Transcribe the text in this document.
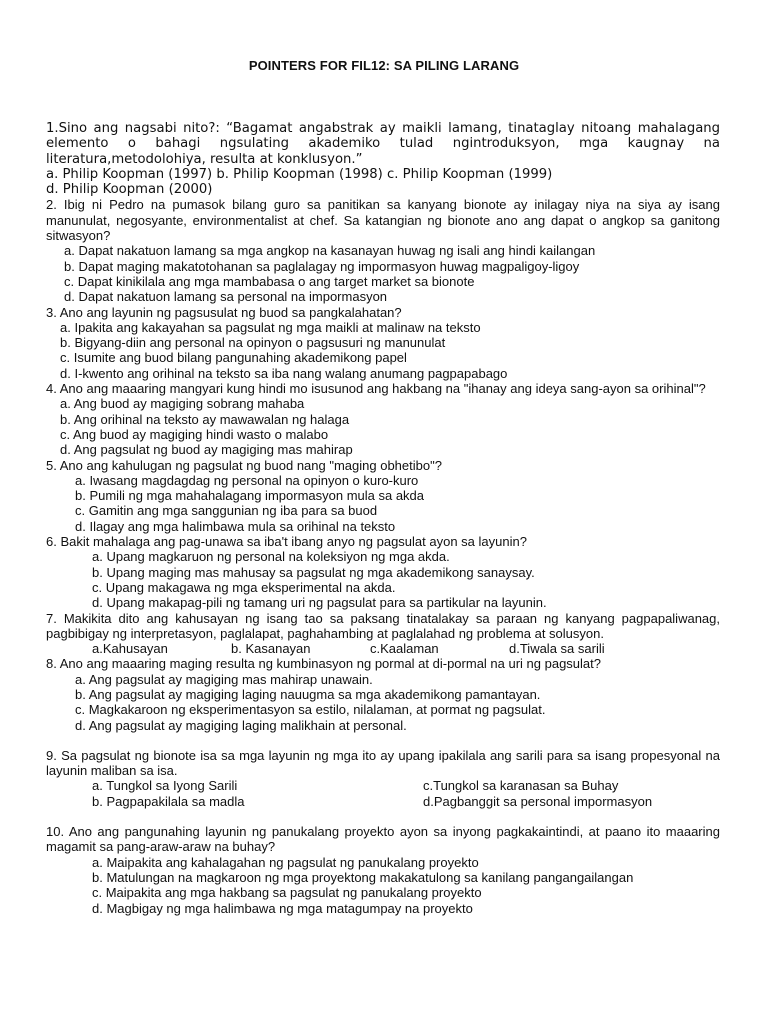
POINTERS FOR FIL12: SA PILING LARANG

1.Sino ang nagsabi nito?: “Bagamat angabstrak ay maikli lamang, tinataglay nitoang mahalagang elemento o bahagi ngsulating akademiko tulad ngintroduksyon, mga kaugnay na literatura,metodolohiya, resulta at konklusyon.”

a. Philip Koopman (1997) b. Philip Koopman (1998) c. Philip Koopman (1999)

d. Philip Koopman (2000)

2. Ibig ni Pedro na pumasok bilang guro sa panitikan sa kanyang bionote ay inilagay niya na siya ay isang manunulat, negosyante, environmentalist at chef. Sa katangian ng bionote ano ang dapat o angkop sa ganitong sitwasyon?

a. Dapat nakatuon lamang sa mga angkop na kasanayan huwag ng isali ang hindi kailangan

b. Dapat maging makatotohanan sa paglalagay ng impormasyon huwag magpaligoy-ligoy

c. Dapat kinikilala ang mga mambabasa o ang target market sa bionote

d. Dapat nakatuon lamang sa personal na impormasyon

3. Ano ang layunin ng pagsusulat ng buod sa pangkalahatan?

a. Ipakita ang kakayahan sa pagsulat ng mga maikli at malinaw na teksto

b. Bigyang-diin ang personal na opinyon o pagsusuri ng manunulat

c. Isumite ang buod bilang pangunahing akademikong papel

d. I-kwento ang orihinal na teksto sa iba nang walang anumang pagpapabago

4. Ano ang maaaring mangyari kung hindi mo isusunod ang hakbang na "ihanay ang ideya sang-ayon sa orihinal"?

a. Ang buod ay magiging sobrang mahaba

b. Ang orihinal na teksto ay mawawalan ng halaga

c. Ang buod ay magiging hindi wasto o malabo

d. Ang pagsulat ng buod ay magiging mas mahirap

5. Ano ang kahulugan ng pagsulat ng buod nang "maging obhetibo"?

a. Iwasang magdagdag ng personal na opinyon o kuro-kuro

b. Pumili ng mga mahahalagang impormasyon mula sa akda

c. Gamitin ang mga sanggunian ng iba para sa buod

d. Ilagay ang mga halimbawa mula sa orihinal na teksto

6. Bakit mahalaga ang pag-unawa sa iba't ibang anyo ng pagsulat ayon sa layunin?

a. Upang magkaruon ng personal na koleksiyon ng mga akda.

b. Upang maging mas mahusay sa pagsulat ng mga akademikong sanaysay.

c. Upang makagawa ng mga eksperimental na akda.

d. Upang makapag-pili ng tamang uri ng pagsulat para sa partikular na layunin.

7. Makikita dito ang kahusayan ng isang tao sa paksang tinatalakay sa paraan ng kanyang pagpapaliwanag, pagbibigay ng interpretasyon, paglalapat, paghahambing at paglalahad ng problema at solusyon.

a.Kahusayan	b. Kasanayan	c.Kaalaman	d.Tiwala sa sarili

8. Ano ang maaaring maging resulta ng kumbinasyon ng pormal at di-pormal na uri ng pagsulat?

a. Ang pagsulat ay magiging mas mahirap unawain.

b. Ang pagsulat ay magiging laging nauugma sa mga akademikong pamantayan.

c. Magkakaroon ng eksperimentasyon sa estilo, nilalaman, at pormat ng pagsulat.

d. Ang pagsulat ay magiging laging malikhain at personal.

9. Sa pagsulat ng bionote isa sa mga layunin ng mga ito ay upang ipakilala ang sarili para sa isang propesyonal na layunin maliban sa isa.

a. Tungkol sa Iyong Sarili	c.Tungkol sa karanasan sa Buhay
b. Pagpapakilala sa madla	d.Pagbanggit sa personal impormasyon

10. Ano ang pangunahing layunin ng panukalang proyekto ayon sa inyong pagkakaintindi, at paano ito maaaring magamit sa pang-araw-araw na buhay?

a. Maipakita ang kahalagahan ng pagsulat ng panukalang proyekto

b. Matulungan na magkaroon ng mga proyektong makakatulong sa kanilang pangangailangan

c. Maipakita ang mga hakbang sa pagsulat ng panukalang proyekto

d. Magbigay ng mga halimbawa ng mga matagumpay na proyekto
